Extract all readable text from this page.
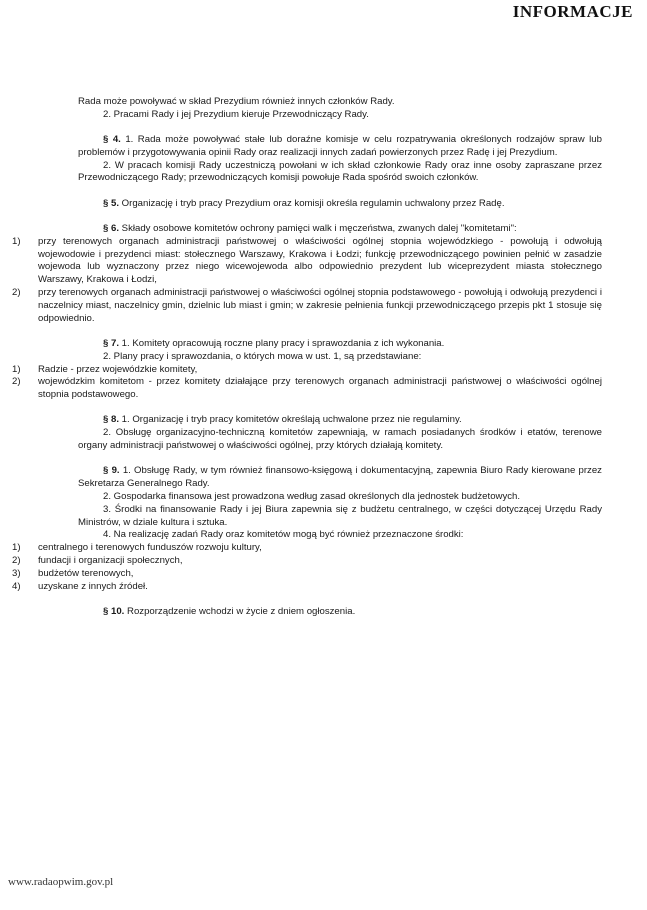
INFORMACJE

Rada może powoływać w skład Prezydium również innych członków Rady.

2. Pracami Rady i jej Prezydium kieruje Przewodniczący Rady.

§ 4. 1. Rada może powoływać stałe lub doraźne komisje w celu rozpatrywania określonych rodzajów spraw lub problemów i przygotowywania opinii Rady oraz realizacji innych zadań powierzonych przez Radę i jej Prezydium.

2. W pracach komisji Rady uczestniczą powołani w ich skład członkowie Rady oraz inne osoby zapraszane przez Przewodniczącego Rady; przewodniczących komisji powołuje Rada spośród swoich członków.

§ 5. Organizację i tryb pracy Prezydium oraz komisji określa regulamin uchwalony przez Radę.

§ 6. Składy osobowe komitetów ochrony pamięci walk i męczeństwa, zwanych dalej "komitetami":

1)	przy terenowych organach administracji państwowej o właściwości ogólnej stopnia wojewódzkiego - powołują i odwołują wojewodowie i prezydenci miast: stołecznego Warszawy, Krakowa i Łodzi; funkcję przewodniczącego powinien pełnić w zasadzie wojewoda lub wyznaczony przez niego wicewojewoda albo odpowiednio prezydent lub wiceprezydent miasta stołecznego Warszawy, Krakowa i Łodzi,
2)	przy terenowych organach administracji państwowej o właściwości ogólnej stopnia podstawowego - powołują i odwołują prezydenci i naczelnicy miast, naczelnicy gmin, dzielnic lub miast i gmin; w zakresie pełnienia funkcji przewodniczącego przepis pkt 1 stosuje się odpowiednio.

§ 7. 1. Komitety opracowują roczne plany pracy i sprawozdania z ich wykonania.

2. Plany pracy i sprawozdania, o których mowa w ust. 1, są przedstawiane:

1)	Radzie - przez wojewódzkie komitety,
2)	wojewódzkim komitetom - przez komitety działające przy terenowych organach administracji państwowej o właściwości ogólnej stopnia podstawowego.

§ 8. 1. Organizację i tryb pracy komitetów określają uchwalone przez nie regulaminy.

2. Obsługę organizacyjno-techniczną komitetów zapewniają, w ramach posiadanych środków i etatów, terenowe organy administracji państwowej o właściwości ogólnej, przy których działają komitety.

§ 9. 1. Obsługę Rady, w tym również finansowo-księgową i dokumentacyjną, zapewnia Biuro Rady kierowane przez Sekretarza Generalnego Rady.

2. Gospodarka finansowa jest prowadzona według zasad określonych dla jednostek budżetowych.

3. Środki na finansowanie Rady i jej Biura zapewnia się z budżetu centralnego, w części dotyczącej Urzędu Rady Ministrów, w dziale kultura i sztuka.

4. Na realizację zadań Rady oraz komitetów mogą być również przeznaczone środki:

1)	centralnego i terenowych funduszów rozwoju kultury,
2)	fundacji i organizacji społecznych,
3)	budżetów terenowych,
4)	uzyskane z innych źródeł.

§ 10. Rozporządzenie wchodzi w życie z dniem ogłoszenia.

www.radaopwim.gov.pl
